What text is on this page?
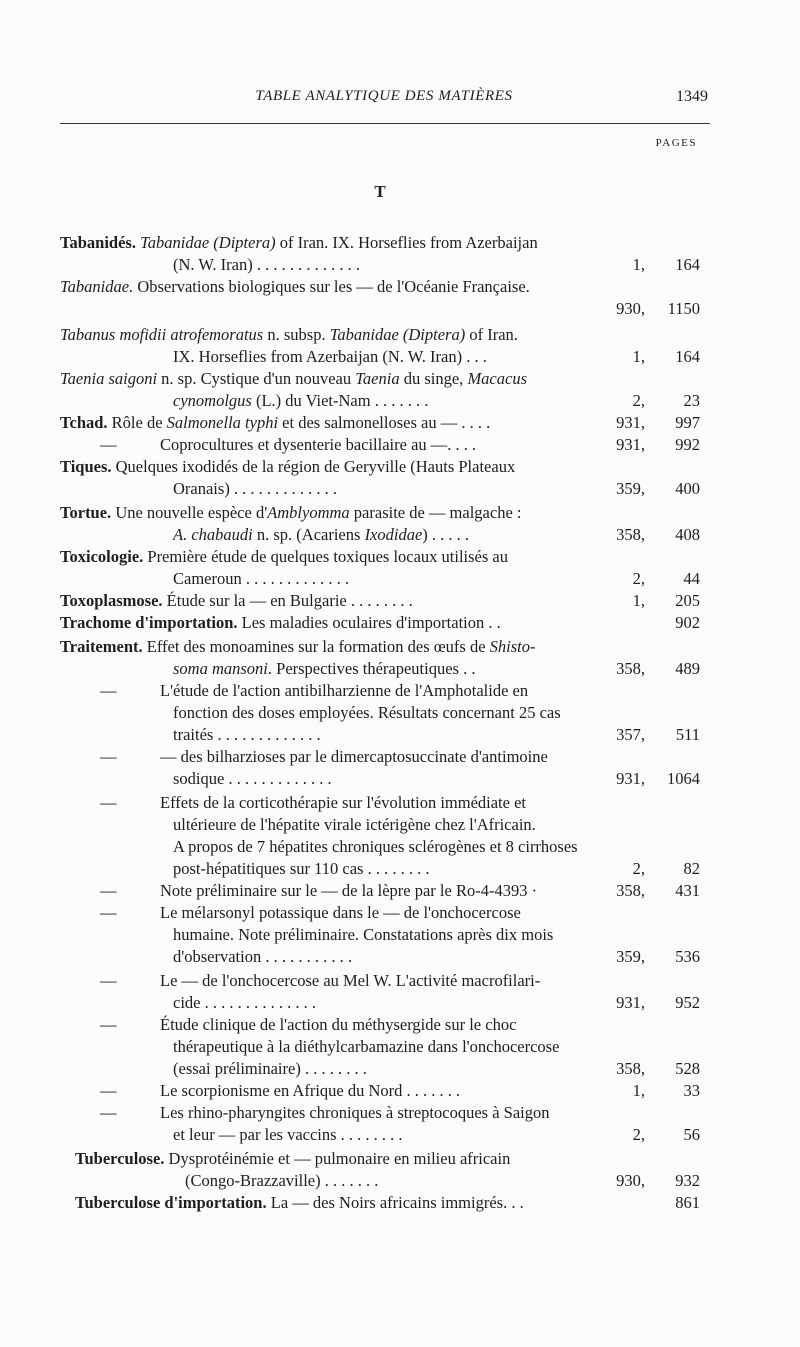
TABLE ANALYTIQUE DES MATIÈRES	1349
PAGES
T
Tabanidés. Tabanidae (Diptera) of Iran. IX. Horseflies from Azerbaijan
(N. W. Iran) . . . . . . . . . . . . .	1,	164
Tabanidae. Observations biologiques sur les — de l'Océanie Française.
930,	1150
Tabanus mofidii atrofemoratus n. subsp. Tabanidae (Diptera) of Iran.
IX. Horseflies from Azerbaijan (N. W. Iran) . . .	1,	164
Taenia saigoni n. sp. Cystique d'un nouveau Taenia du singe, Macacus
cynomolgus (L.) du Viet-Nam . . . . . . .	2,	23
Tchad. Rôle de Salmonella typhi et des salmonelloses au — . . . .	931,	997
—	Coprocultures et dysenterie bacillaire au —. . . .	931,	992
Tiques. Quelques ixodidés de la région de Geryville (Hauts Plateaux
Oranais) . . . . . . . . . . . . .	359,	400
Tortue. Une nouvelle espèce d'Amblyomma parasite de — malgache :
A. chabaudi n. sp. (Acariens Ixodidae) . . . . .	358,	408
Toxicologie. Première étude de quelques toxiques locaux utilisés au
Cameroun . . . . . . . . . . . . .	2,	44
Toxoplasmose. Étude sur la — en Bulgarie . . . . . . . .	1,	205
Trachome d'importation. Les maladies oculaires d'importation . .	902
Traitement. Effet des monoamines sur la formation des œufs de Shisto-
soma mansoni. Perspectives thérapeutiques . .	358,	489
—	L'étude de l'action antibilharzienne de l'Amphotalide en
fonction des doses employées. Résultats concernant 25 cas
traités . . . . . . . . . . . . .	357,	511
—	— des bilharzioses par le dimercaptosuccinate d'antimoine
sodique . . . . . . . . . . . . .	931,	1064
—	Effets de la corticothérapie sur l'évolution immédiate et
ultérieure de l'hépatite virale ictérigène chez l'Africain.
A propos de 7 hépatites chroniques sclérogènes et 8 cirrhoses
post-hépatitiques sur 110 cas . . . . . . . .	2,	82
—	Note préliminaire sur le — de la lèpre par le Ro-4-4393 ·	358,	431
—	Le mélarsonyl potassique dans le — de l'onchocercose
humaine. Note préliminaire. Constatations après dix mois
d'observation . . . . . . . . . . .	359,	536
—	Le — de l'onchocercose au Mel W. L'activité macrofilari-
cide . . . . . . . . . . . . . .	931,	952
—	Étude clinique de l'action du méthysergide sur le choc
thérapeutique à la diéthylcarbamazine dans l'onchocercose
(essai préliminaire) . . . . . . . .	358,	528
—	Le scorpionisme en Afrique du Nord . . . . . . .	1,	33
—	Les rhino-pharyngites chroniques à streptocoques à Saigon
et leur — par les vaccins . . . . . . . .	2,	56
Tuberculose. Dysprotéinémie et — pulmonaire en milieu africain
(Congo-Brazzaville) . . . . . . .	930,	932
Tuberculose d'importation. La — des Noirs africains immigrés. . .	861
